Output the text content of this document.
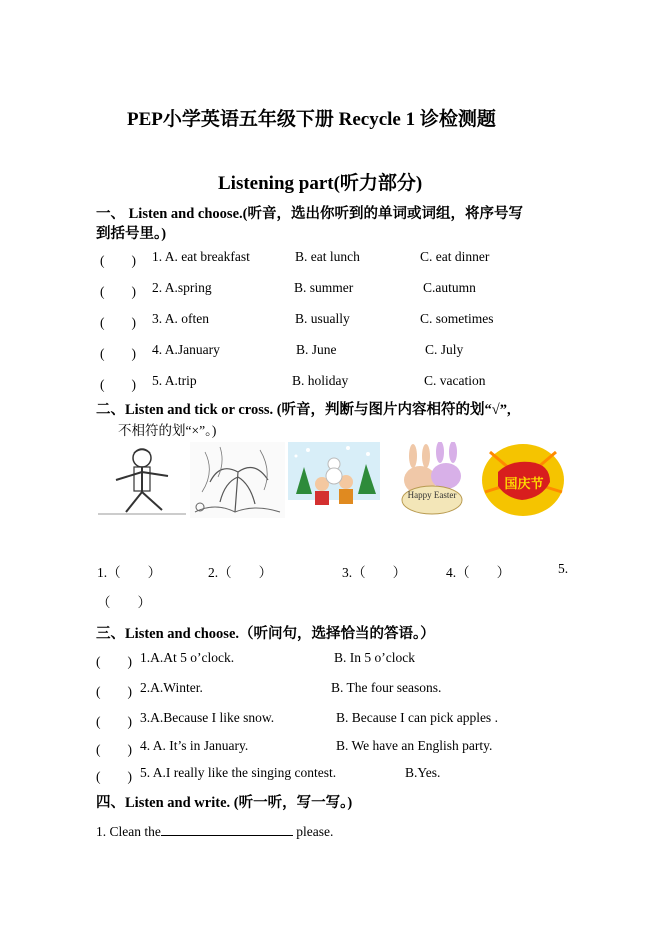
PEP小学英语五年级下册 Recycle 1 诊检测题
Listening part(听力部分)
一、 Listen and choose.(听音，选出你听到的单词或词组，将序号写
到括号里。)
(　　) 1. A. eat breakfast	B. eat lunch	C. eat dinner
(　　) 2. A.spring	B. summer	C.autumn
(　　) 3. A. often	B. usually	C. sometimes
(　　) 4. A.January	B. June	C. July
(　　) 5. A.trip	B. holiday	C. vacation
二、Listen and tick or cross. (听音，判断与图片内容相符的划“√”,
不相符的划“×”。)
Happy Easter
国庆节
1.（　　）	2.（　　）	3.（　　）	4.（　　）	5.
（　　）
三、Listen and choose.（听问句，选择恰当的答语。）
(　　) 1.A.At 5 o’clock.	B. In 5 o’clock
(　　) 2.A.Winter.	B. The four seasons.
(　　) 3.A.Because I like snow.	B. Because I can pick apples .
(　　) 4. A. It’s in January.	B. We have an English party.
(　　) 5. A.I really like the singing contest.	B.Yes.
四、Listen and write. (听一听，写一写。)
1. Clean the	please.
